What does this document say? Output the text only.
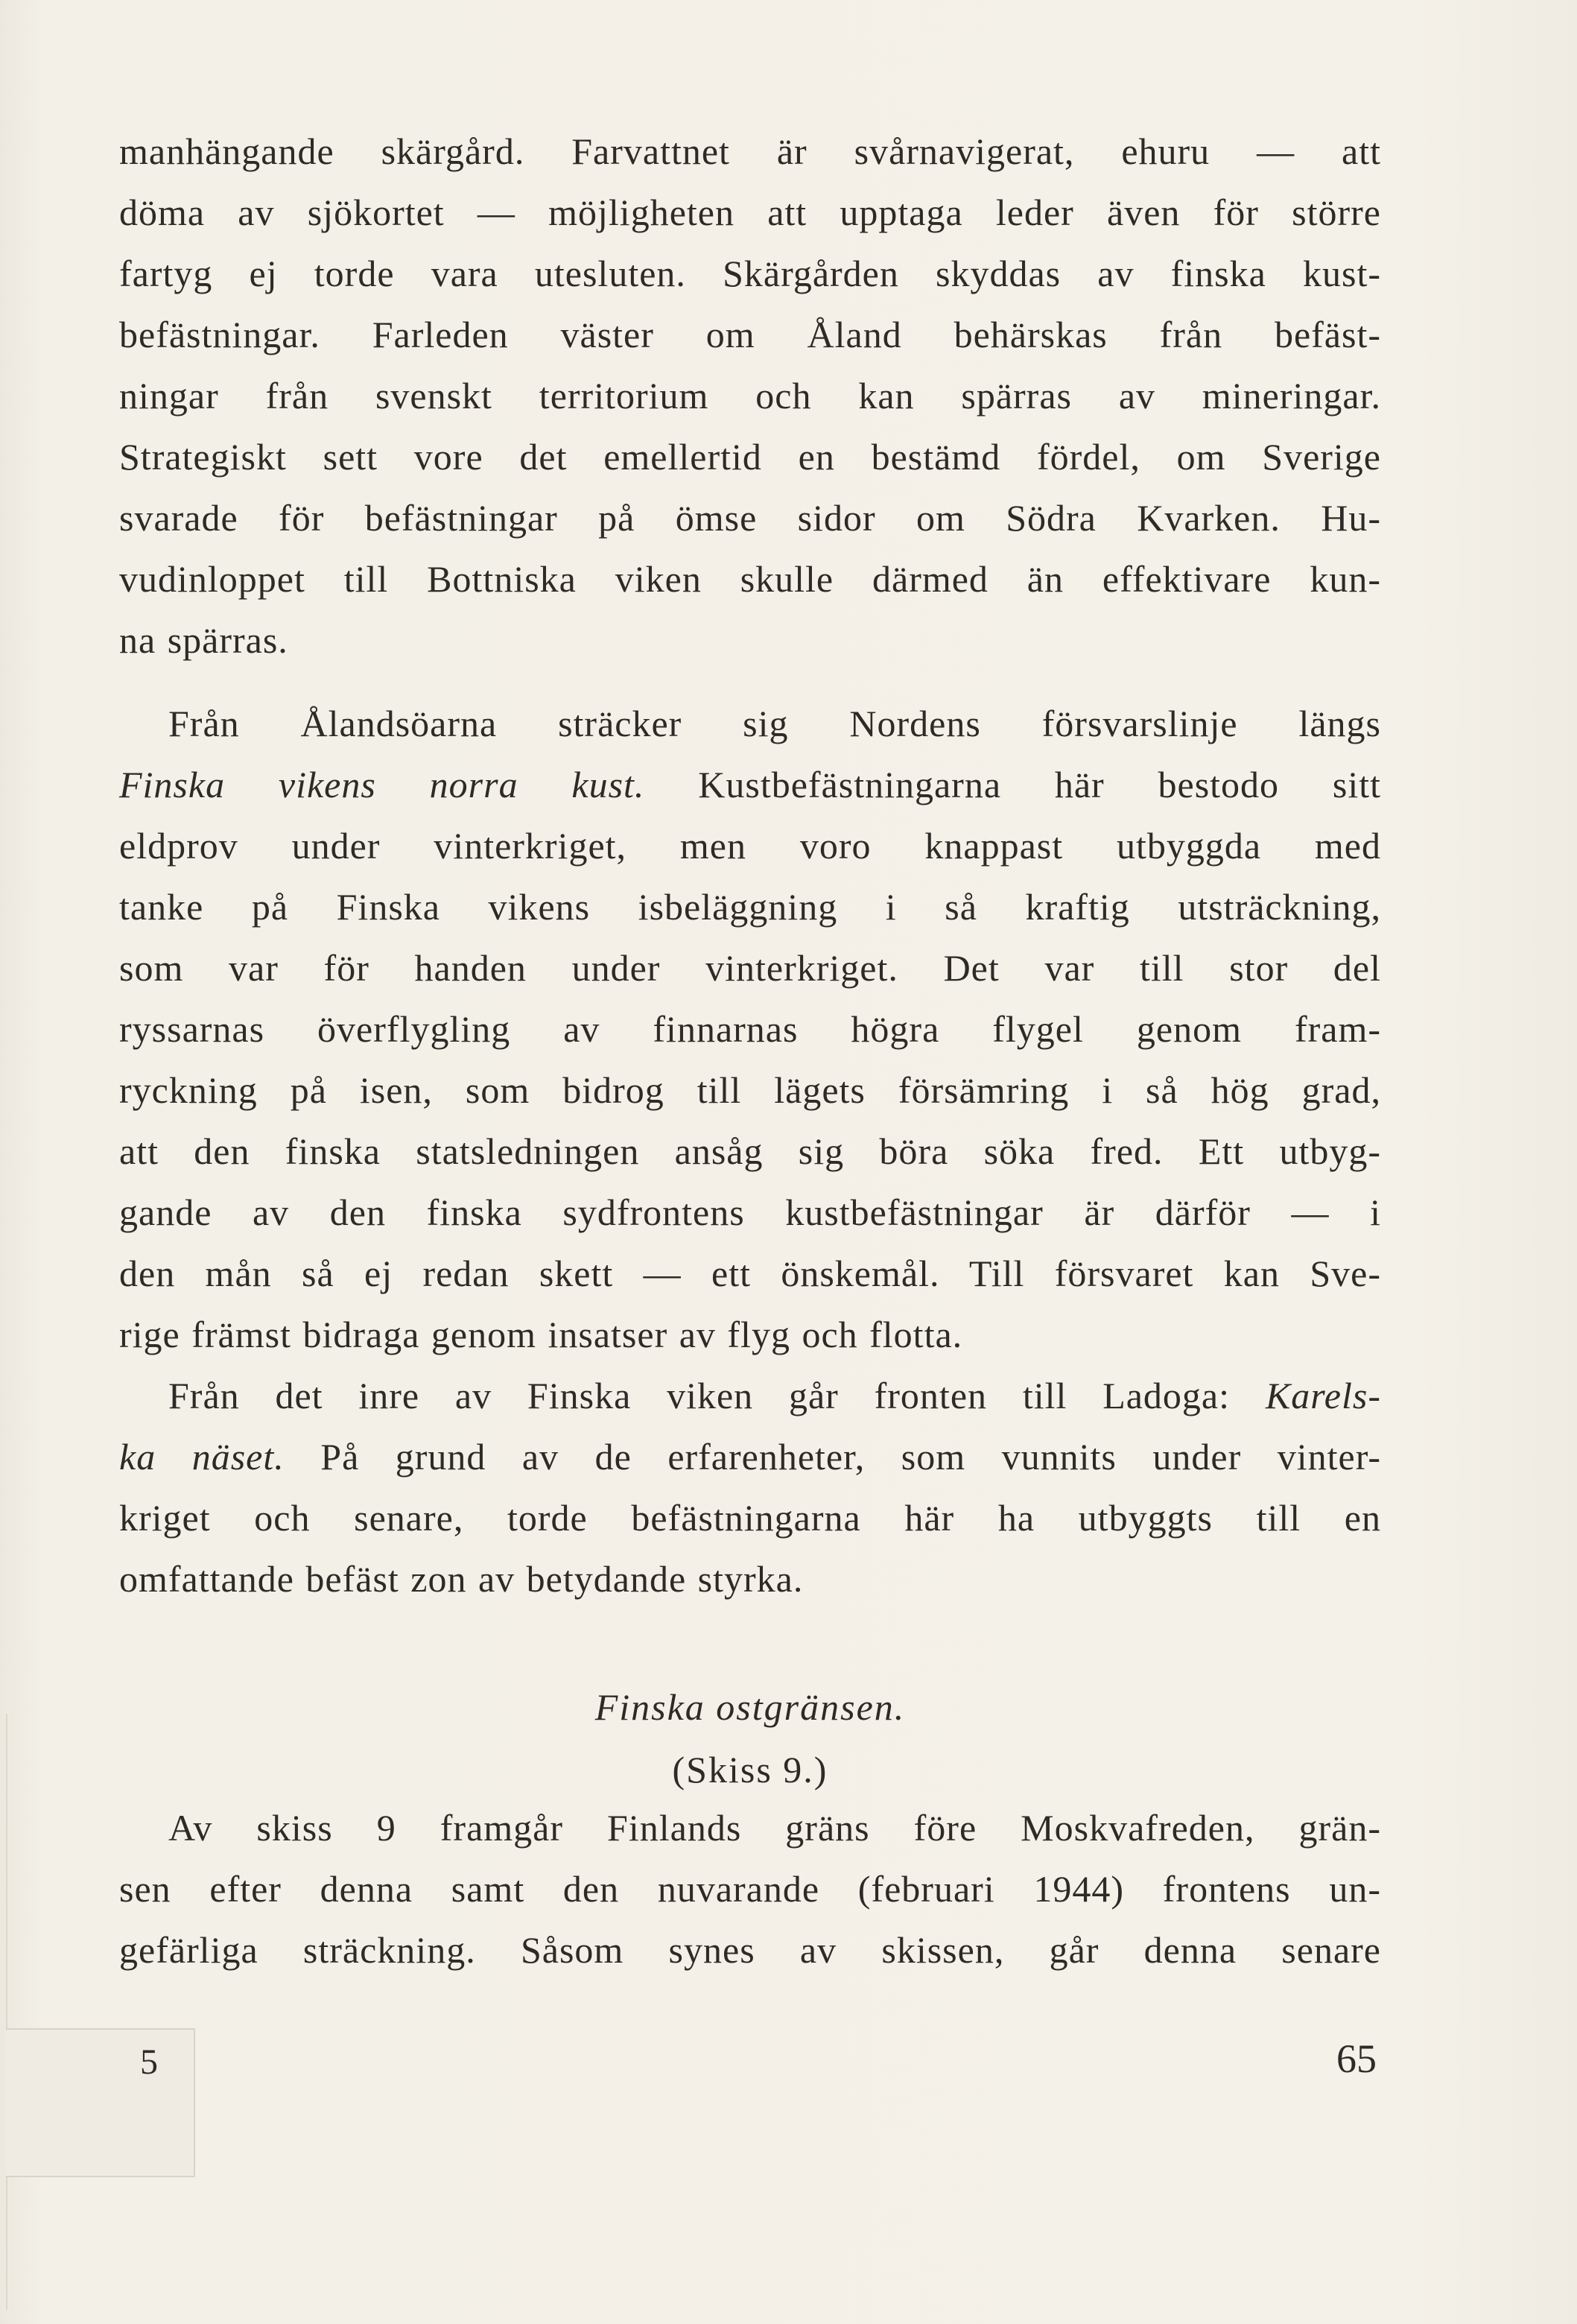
manhängande skärgård. Farvattnet är svårnavigerat, ehuru — att
döma av sjökortet — möjligheten att upptaga leder även för större
fartyg ej torde vara utesluten. Skärgården skyddas av finska kust-
befästningar. Farleden väster om Åland behärskas från befäst-
ningar från svenskt territorium och kan spärras av mineringar.
Strategiskt sett vore det emellertid en bestämd fördel, om Sverige
svarade för befästningar på ömse sidor om Södra Kvarken. Hu-
vudinloppet till Bottniska viken skulle därmed än effektivare kun-
na spärras.
Från Ålandsöarna sträcker sig Nordens försvarslinje längs
Finska vikens norra kust. Kustbefästningarna här bestodo sitt
eldprov under vinterkriget, men voro knappast utbyggda med
tanke på Finska vikens isbeläggning i så kraftig utsträckning,
som var för handen under vinterkriget. Det var till stor del
ryssarnas överflygling av finnarnas högra flygel genom fram-
ryckning på isen, som bidrog till lägets försämring i så hög grad,
att den finska statsledningen ansåg sig böra söka fred. Ett utbyg-
gande av den finska sydfrontens kustbefästningar är därför — i
den mån så ej redan skett — ett önskemål. Till försvaret kan Sve-
rige främst bidraga genom insatser av flyg och flotta.
Från det inre av Finska viken går fronten till Ladoga: Karels-
ka näset. På grund av de erfarenheter, som vunnits under vinter-
kriget och senare, torde befästningarna här ha utbyggts till en
omfattande befäst zon av betydande styrka.
Finska ostgränsen.
(Skiss 9.)
Av skiss 9 framgår Finlands gräns före Moskvafreden, grän-
sen efter denna samt den nuvarande (februari 1944) frontens un-
gefärliga sträckning. Såsom synes av skissen, går denna senare
5	65
